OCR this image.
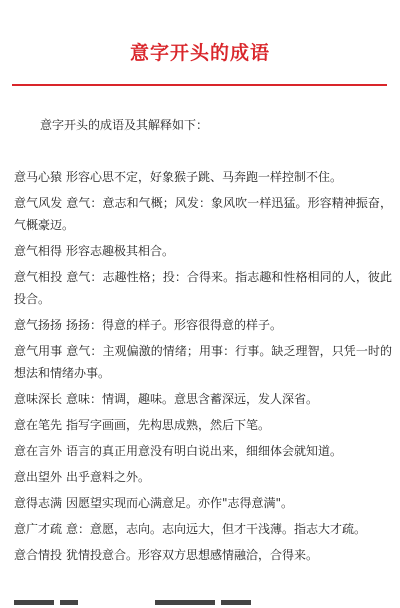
意字开头的成语
意字开头的成语及其解释如下：
意马心猿 形容心思不定，好象猴子跳、马奔跑一样控制不住。
意气风发 意气：意志和气概；风发：象风吹一样迅猛。形容精神振奋，气概豪迈。
意气相得 形容志趣极其相合。
意气相投 意气：志趣性格；投：合得来。指志趣和性格相同的人，彼此投合。
意气扬扬 扬扬：得意的样子。形容很得意的样子。
意气用事 意气：主观偏激的情绪；用事：行事。缺乏理智，只凭一时的想法和情绪办事。
意味深长 意味：情调，趣味。意思含蓄深远，发人深省。
意在笔先 指写字画画，先构思成熟，然后下笔。
意在言外 语言的真正用意没有明白说出来，细细体会就知道。
意出望外 出乎意料之外。
意得志满 因愿望实现而心满意足。亦作"志得意满"。
意广才疏 意：意愿，志向。志向远大，但才干浅薄。指志大才疏。
意合情投 犹情投意合。形容双方思想感情融洽，合得来。
